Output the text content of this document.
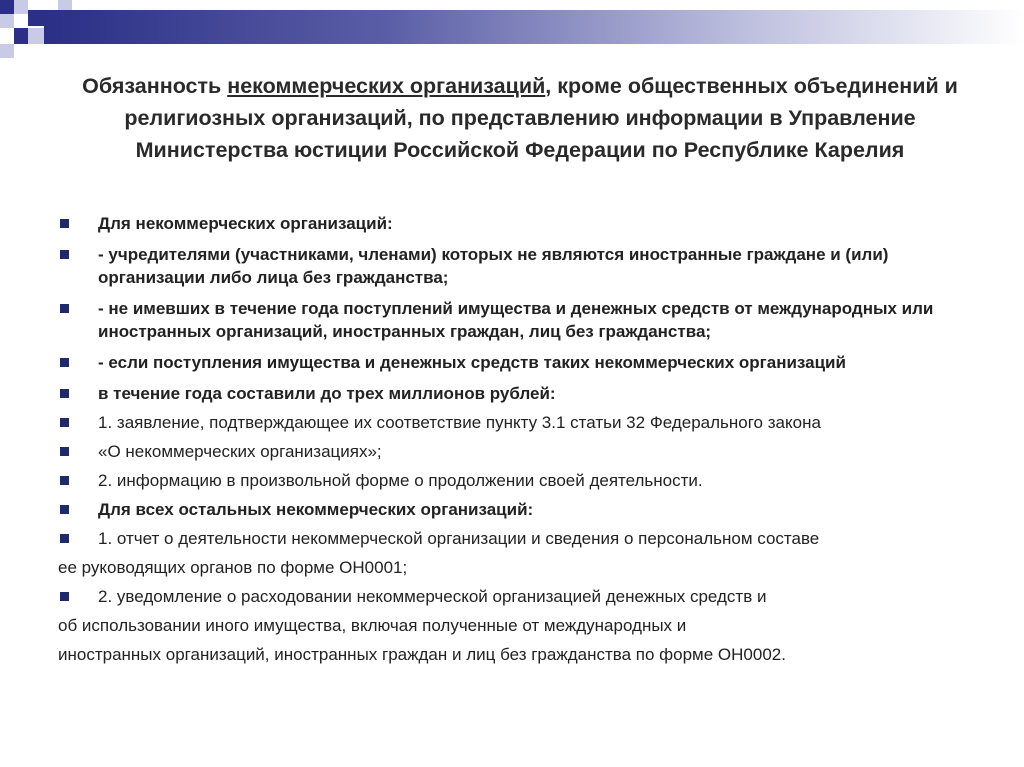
Обязанность некоммерческих организаций, кроме общественных объединений и религиозных организаций, по представлению информации в Управление Министерства юстиции Российской Федерации по Республике Карелия
Для некоммерческих организаций:
- учредителями (участниками, членами) которых не являются иностранные граждане и (или) организации либо лица без гражданства;
- не имевших в течение года поступлений имущества и денежных средств от международных или иностранных организаций, иностранных граждан, лиц без гражданства;
- если поступления имущества и денежных средств таких некоммерческих организаций
в течение года составили до трех миллионов рублей:
1. заявление, подтверждающее их соответствие пункту 3.1 статьи 32 Федерального закона
«О некоммерческих организациях»;
2. информацию в произвольной форме о продолжении своей деятельности.
Для всех остальных некоммерческих организаций:
1. отчет о деятельности некоммерческой организации и сведения о персональном составе
ее руководящих органов по форме ОН0001;
2. уведомление о расходовании некоммерческой организацией денежных средств и
об использовании иного имущества, включая полученные от международных и
иностранных организаций, иностранных граждан и лиц без гражданства по форме ОН0002.
